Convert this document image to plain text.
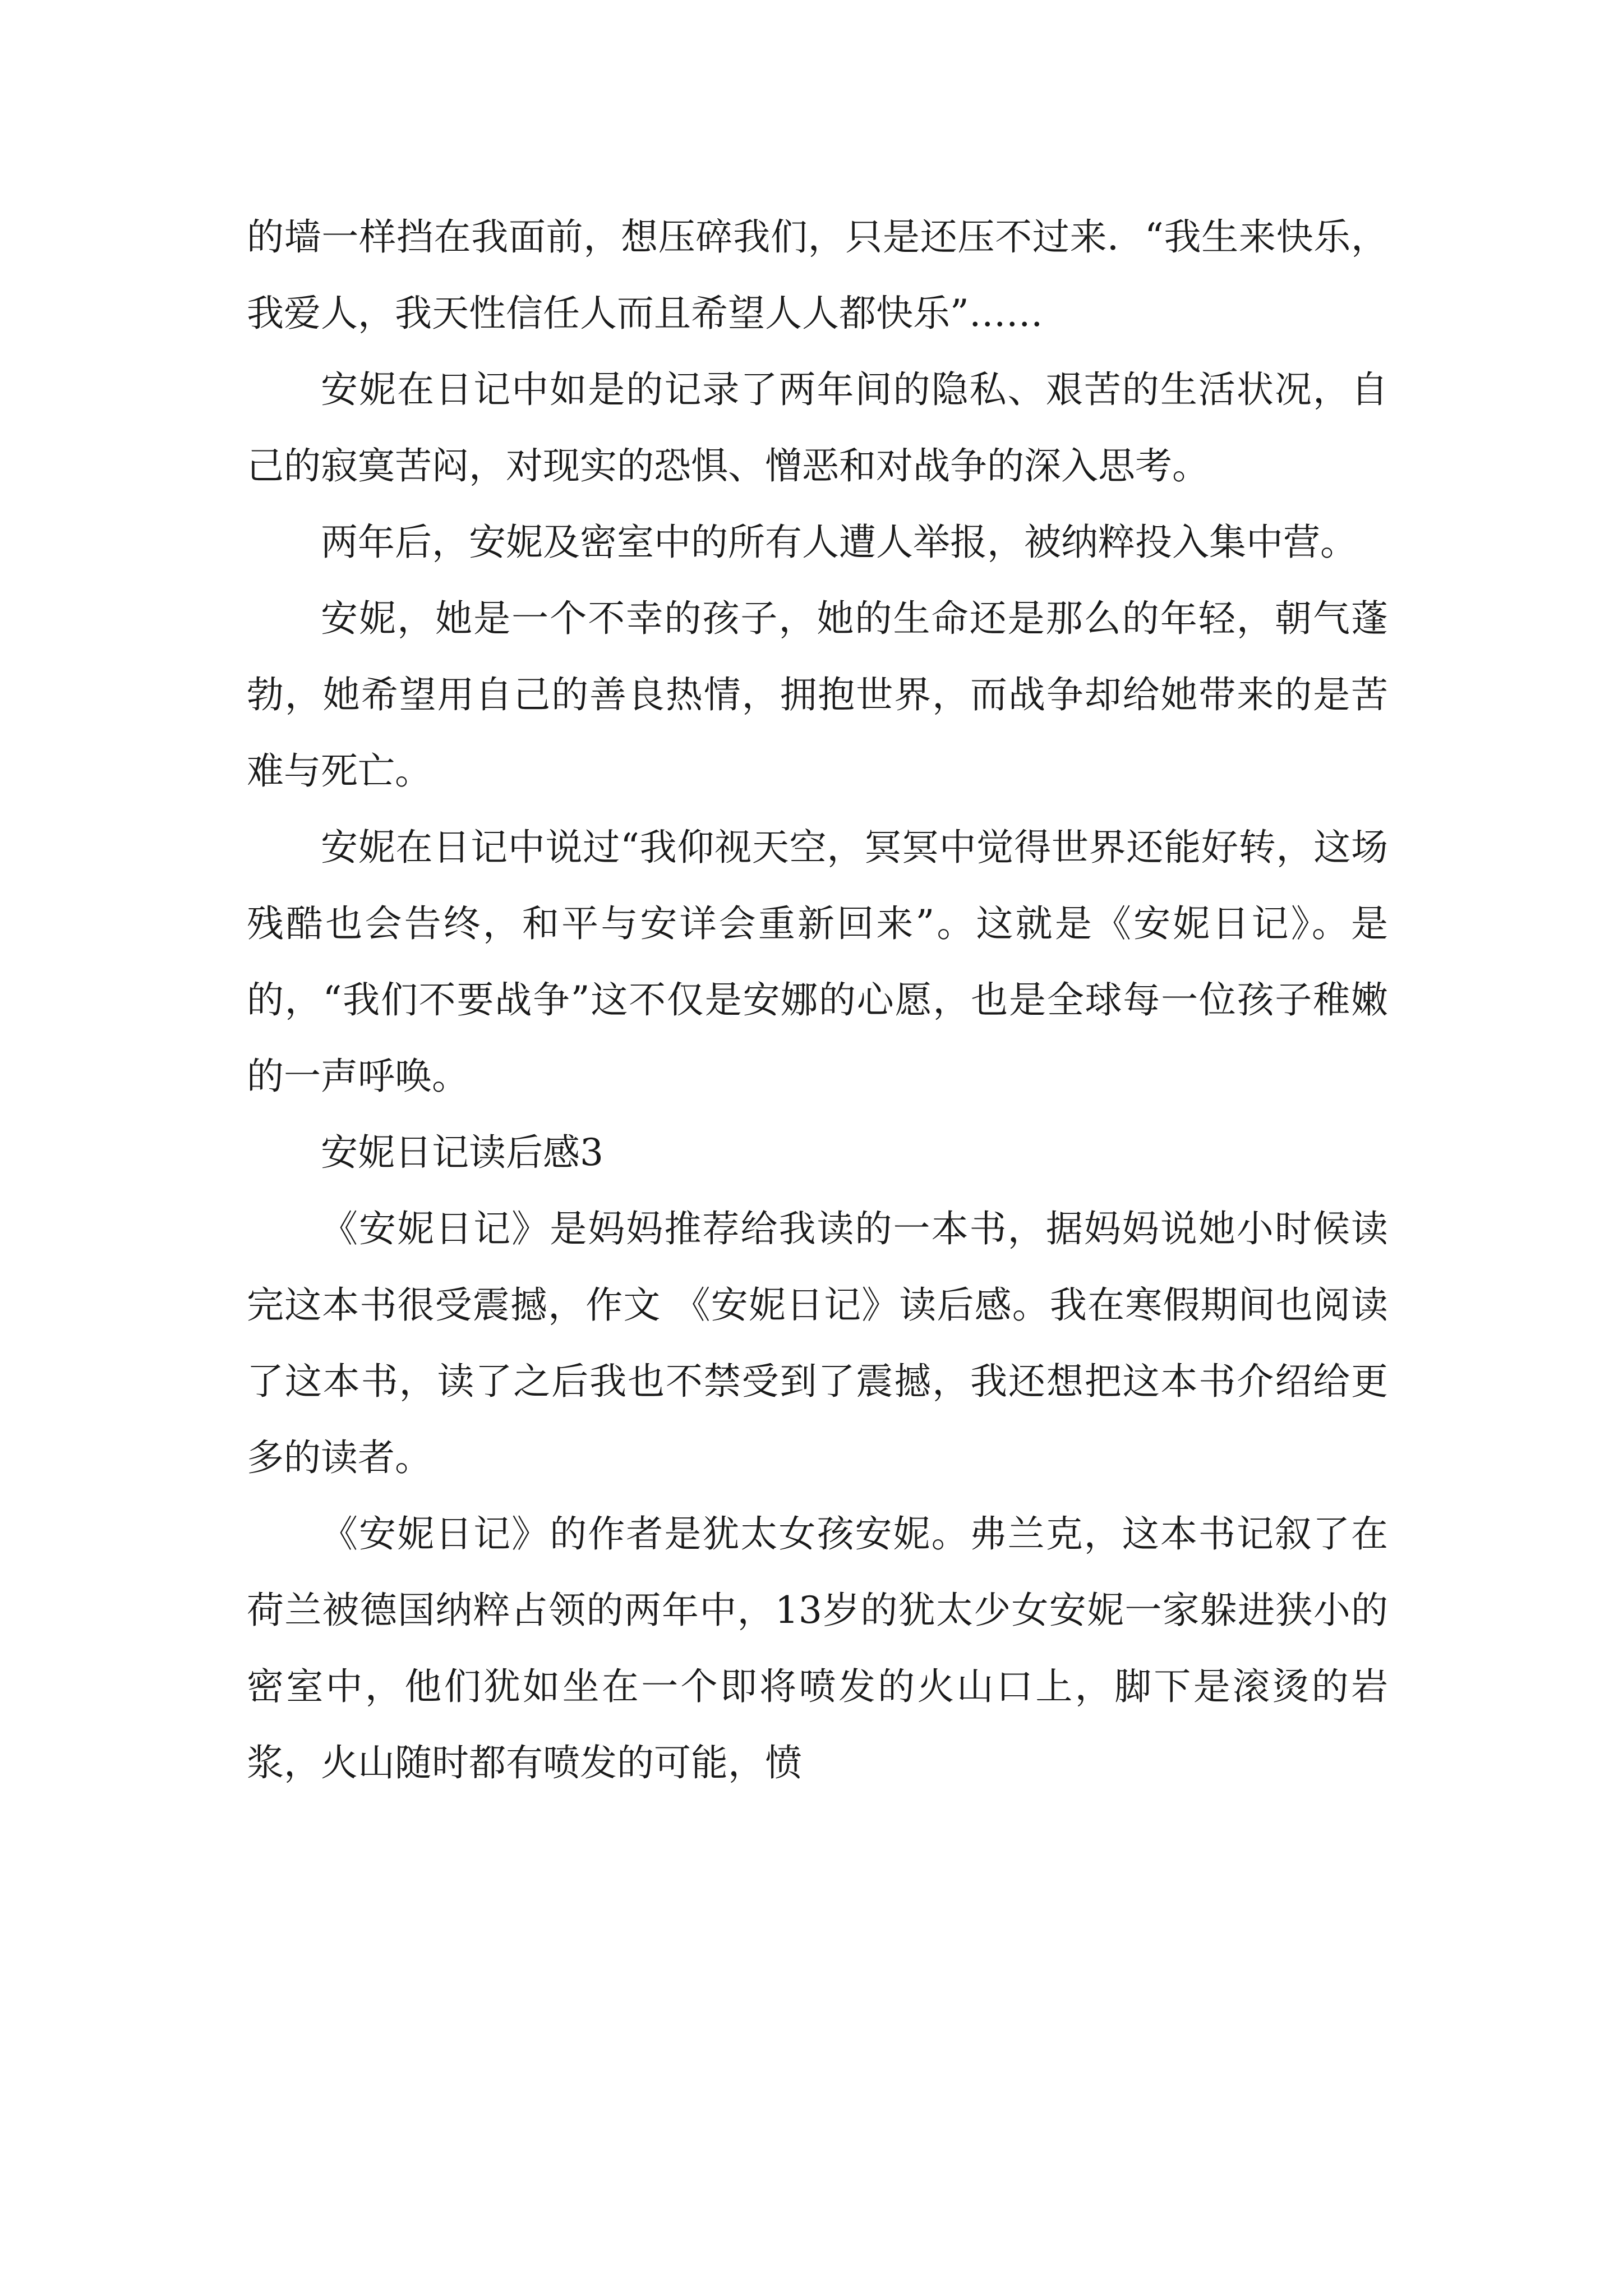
的墙一样挡在我面前，想压碎我们，只是还压不过来．“我生来快乐，我爱人，我天性信任人而且希望人人都快乐”……

安妮在日记中如是的记录了两年间的隐私、艰苦的生活状况，自己的寂寞苦闷，对现实的恐惧、憎恶和对战争的深入思考。

两年后，安妮及密室中的所有人遭人举报，被纳粹投入集中营。

安妮，她是一个不幸的孩子，她的生命还是那么的年轻，朝气蓬勃，她希望用自己的善良热情，拥抱世界，而战争却给她带来的是苦难与死亡。

安妮在日记中说过“我仰视天空，冥冥中觉得世界还能好转，这场残酷也会告终，和平与安详会重新回来”。这就是《安妮日记》。是的，“我们不要战争”这不仅是安娜的心愿，也是全球每一位孩子稚嫩的一声呼唤。

安妮日记读后感3

《安妮日记》是妈妈推荐给我读的一本书，据妈妈说她小时候读完这本书很受震撼，作文 《安妮日记》读后感。我在寒假期间也阅读了这本书，读了之后我也不禁受到了震撼，我还想把这本书介绍给更多的读者。

《安妮日记》的作者是犹太女孩安妮。弗兰克，这本书记叙了在荷兰被德国纳粹占领的两年中，13岁的犹太少女安妮一家躲进狭小的密室中，他们犹如坐在一个即将喷发的火山口上，脚下是滚烫的岩浆，火山随时都有喷发的可能，愤
